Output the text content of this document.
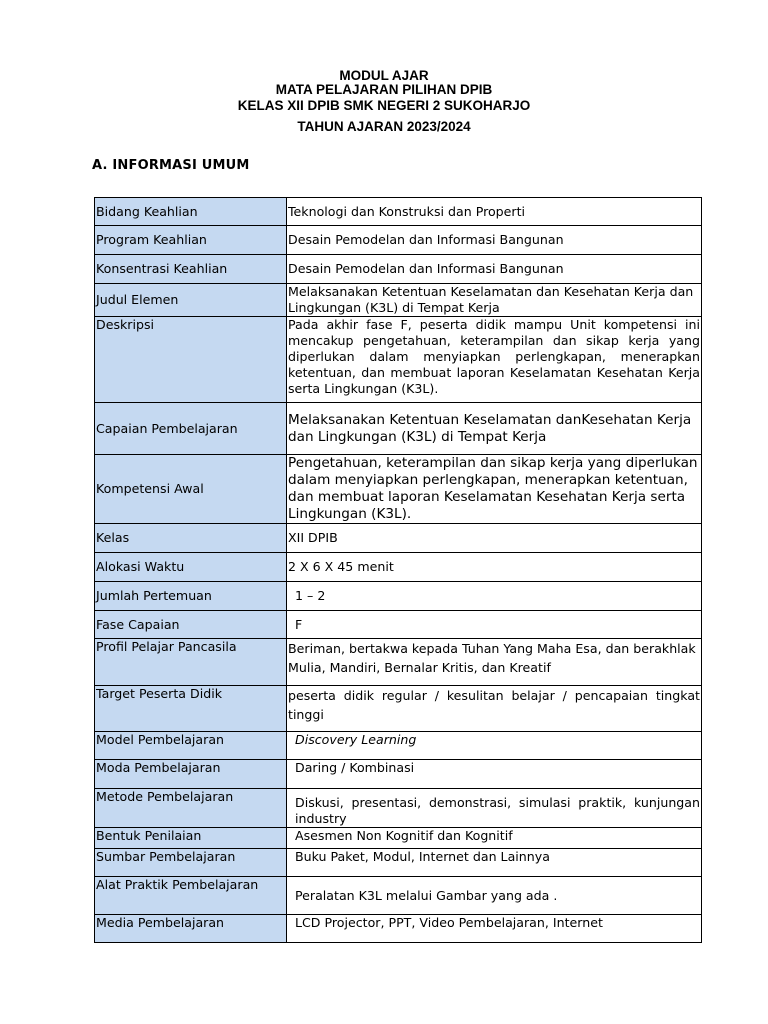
MODUL AJAR
MATA PELAJARAN PILIHAN DPIB
KELAS XII DPIB SMK NEGERI 2 SUKOHARJO
TAHUN AJARAN 2023/2024
A. INFORMASI UMUM
Bidang Keahlian	Teknologi dan Konstruksi dan Properti
Program Keahlian	Desain Pemodelan dan Informasi Bangunan
Konsentrasi Keahlian	Desain Pemodelan dan Informasi Bangunan
Judul Elemen	Melaksanakan Ketentuan Keselamatan dan Kesehatan Kerja dan Lingkungan (K3L) di Tempat Kerja
Deskripsi	Pada akhir fase F, peserta didik mampu Unit kompetensi ini mencakup pengetahuan, keterampilan dan sikap kerja yang diperlukan dalam menyiapkan perlengkapan, menerapkan ketentuan, dan membuat laporan Keselamatan Kesehatan Kerja serta Lingkungan (K3L).
Capaian Pembelajaran	Melaksanakan Ketentuan Keselamatan danKesehatan Kerja dan Lingkungan (K3L) di Tempat Kerja
Kompetensi Awal	Pengetahuan, keterampilan dan sikap kerja yang diperlukan dalam menyiapkan perlengkapan, menerapkan ketentuan, dan membuat laporan Keselamatan Kesehatan Kerja serta Lingkungan (K3L).
Kelas	XII DPIB
Alokasi Waktu	2 X 6 X 45 menit
Jumlah Pertemuan	1 – 2
Fase Capaian	F
Profil Pelajar Pancasila	Beriman, bertakwa kepada Tuhan Yang Maha Esa, dan berakhlak Mulia, Mandiri, Bernalar Kritis, dan Kreatif
Target Peserta Didik	peserta didik regular / kesulitan belajar / pencapaian tingkat tinggi
Model Pembelajaran	Discovery Learning
Moda Pembelajaran	Daring / Kombinasi
Metode Pembelajaran	Diskusi, presentasi, demonstrasi, simulasi praktik, kunjungan industry
Bentuk Penilaian	Asesmen Non Kognitif dan Kognitif
Sumbar Pembelajaran	Buku Paket, Modul, Internet dan Lainnya
Alat Praktik Pembelajaran	Peralatan K3L melalui Gambar yang ada .
Media Pembelajaran	LCD Projector, PPT, Video Pembelajaran, Internet
